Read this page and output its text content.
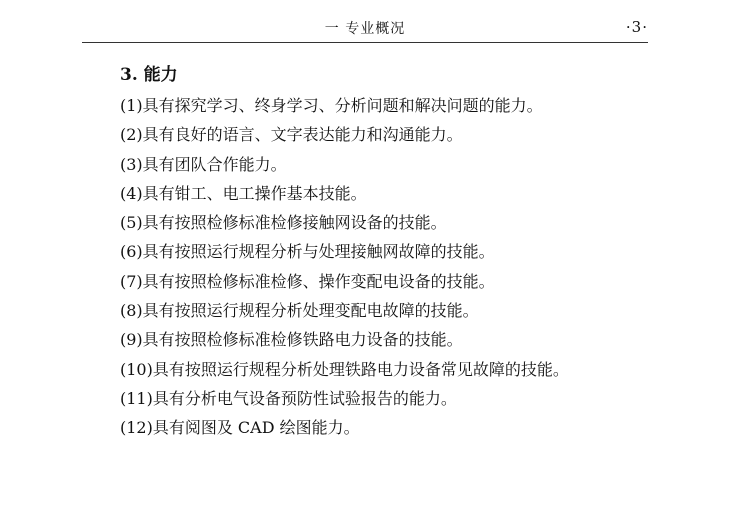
一 专业概况	·3·
3. 能力
(1)具有探究学习、终身学习、分析问题和解决问题的能力。
(2)具有良好的语言、文字表达能力和沟通能力。
(3)具有团队合作能力。
(4)具有钳工、电工操作基本技能。
(5)具有按照检修标准检修接触网设备的技能。
(6)具有按照运行规程分析与处理接触网故障的技能。
(7)具有按照检修标准检修、操作变配电设备的技能。
(8)具有按照运行规程分析处理变配电故障的技能。
(9)具有按照检修标准检修铁路电力设备的技能。
(10)具有按照运行规程分析处理铁路电力设备常见故障的技能。
(11)具有分析电气设备预防性试验报告的能力。
(12)具有阅图及 CAD 绘图能力。
